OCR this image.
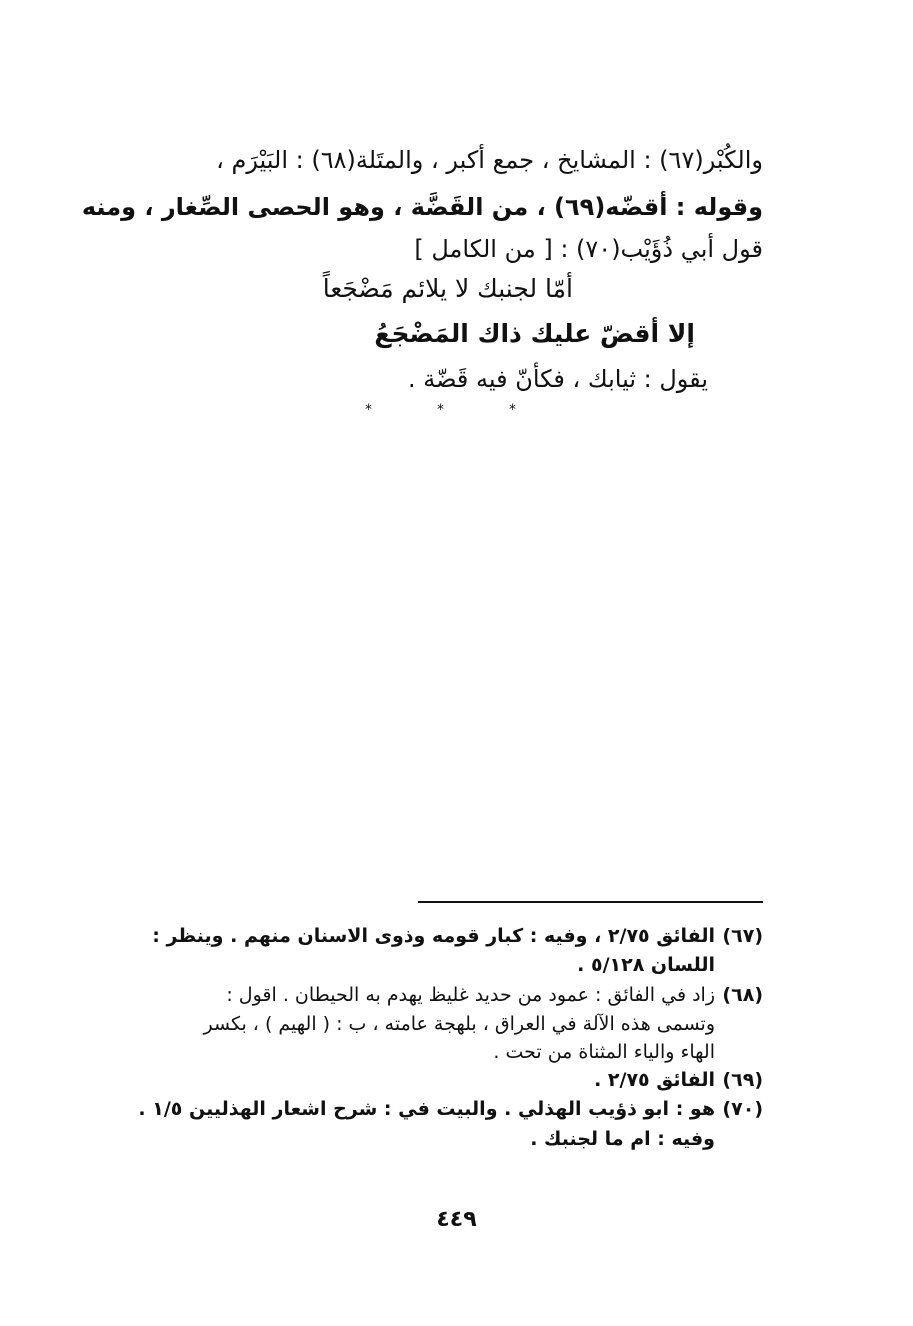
والكُبْر(٦٧) : المشايخ ، جمع أكبر ، والمتَلة(٦٨) : البَيْرَم ،
وقوله : أقضّه(٦٩) ، من القَضَّة ، وهو الحصى الصِّغار ، ومنه
قول أبي ذُؤَيْب(٧٠) : [ من الكامل ]
أمّا لجنبك لا يلائم مَضْجَعاً
إلا أقضّ عليك ذاك المَضْجَعُ
يقول : ثيابك ، فكأنّ فيه قَضّة .
*	*	*
(٦٧)الفائق ٢/٧٥ ، وفيه : كبار قومه وذوى الاسنان منهم . وينظر :
اللسان ٥/١٢٨ .
(٦٨)زاد في الفائق : عمود من حديد غليظ يهدم به الحيطان . اقول :
وتسمى هذه الآلة في العراق ، بلهجة عامته ، ب : ( الهيم ) ، بكسر
الهاء والياء المثناة من تحت .
(٦٩)الفائق ٢/٧٥ .
(٧٠)هو : ابو ذؤيب الهذلي . والبيت في : شرح اشعار الهذليين ١/٥ .
وفيه : ام ما لجنبك .
٤٤٩
